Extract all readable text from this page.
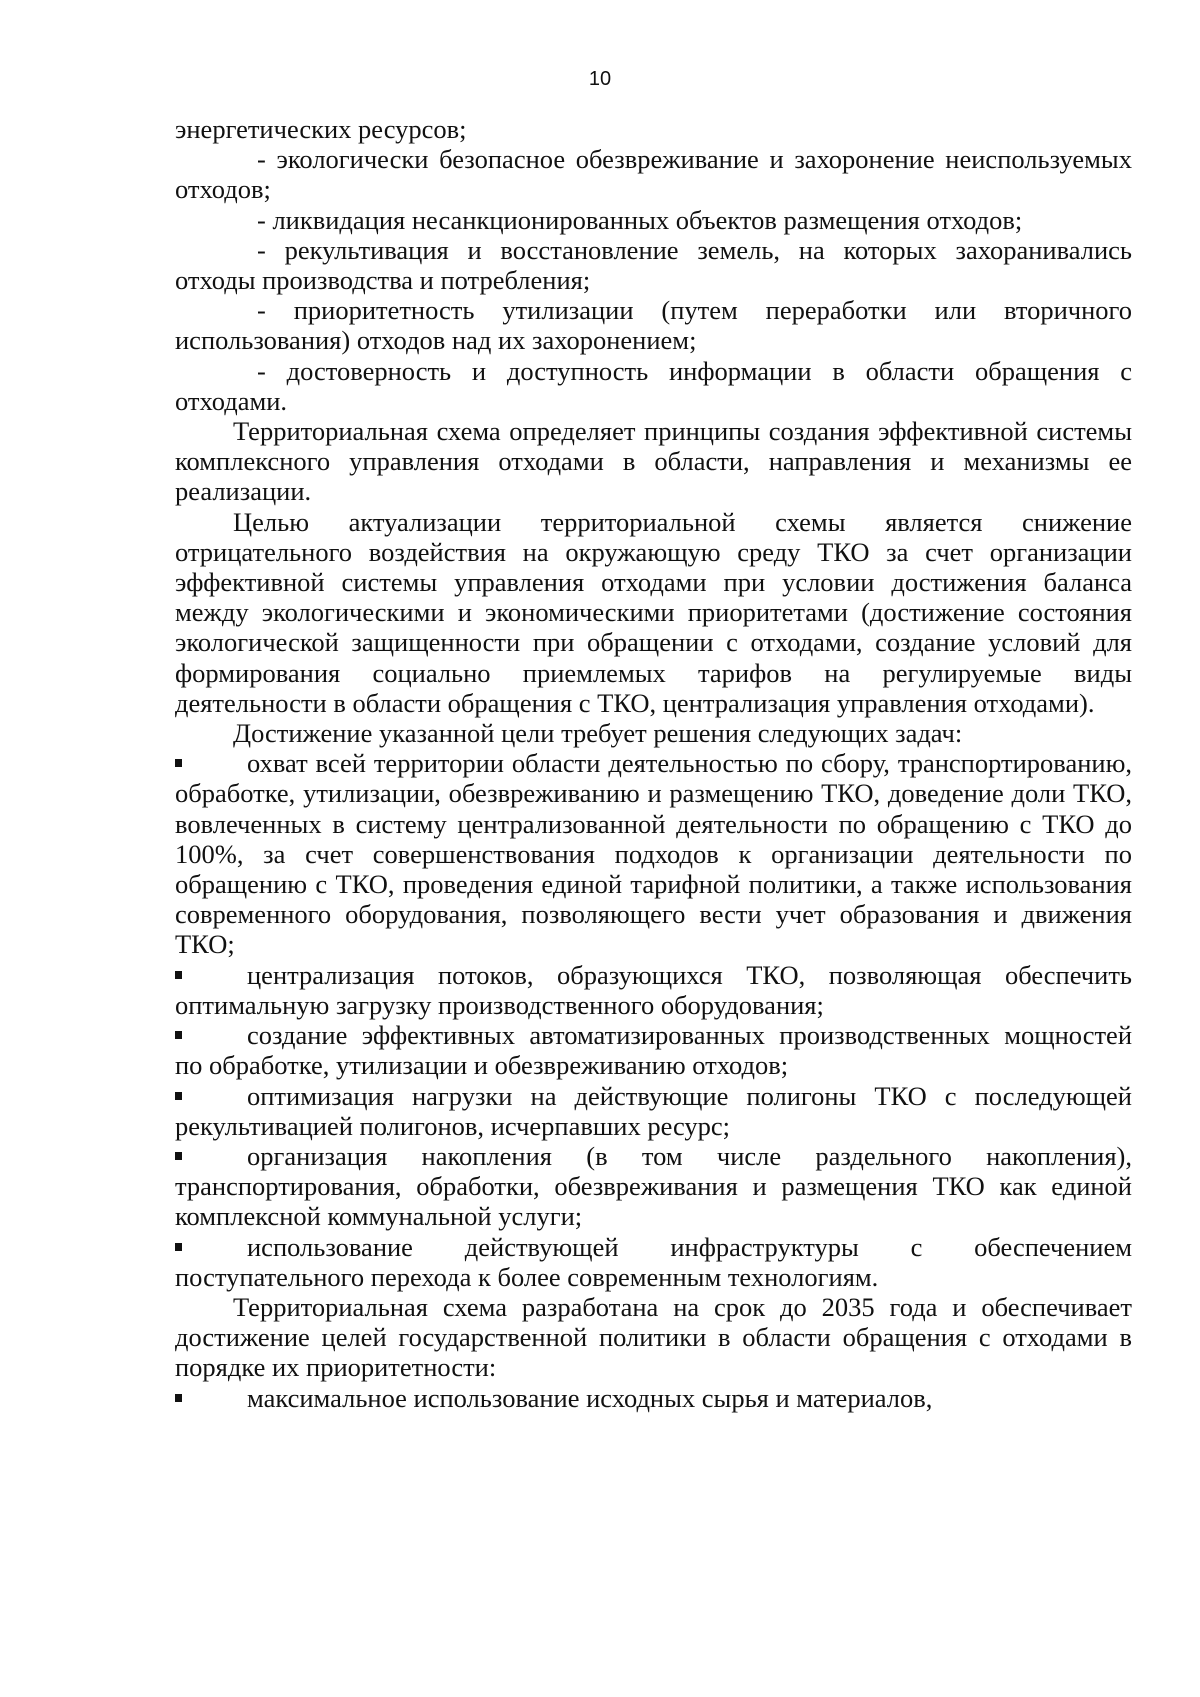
10

энергетических ресурсов;

- экологически безопасное обезвреживание и захоронение неиспользуемых отходов;

- ликвидация несанкционированных объектов размещения отходов;

- рекультивация и восстановление земель, на которых захоранивались отходы производства и потребления;

- приоритетность утилизации (путем переработки или вторичного использования) отходов над их захоронением;

- достоверность и доступность информации в области обращения с отходами.

Территориальная схема определяет принципы создания эффективной системы комплексного управления отходами в области, направления и механизмы ее реализации.

Целью актуализации территориальной схемы является снижение отрицательного воздействия на окружающую среду ТКО за счет организации эффективной системы управления отходами при условии достижения баланса между экологическими и экономическими приоритетами (достижение состояния экологической защищенности при обращении с отходами, создание условий для формирования социально приемлемых тарифов на регулируемые виды деятельности в области обращения с ТКО, централизация управления отходами).

Достижение указанной цели требует решения следующих задач:

охват всей территории области деятельностью по сбору, транспортированию, обработке, утилизации, обезвреживанию и размещению ТКО, доведение доли ТКО, вовлеченных в систему централизованной деятельности по обращению с ТКО до 100%, за счет совершенствования подходов к организации деятельности по обращению с ТКО, проведения единой тарифной политики, а также использования современного оборудования, позволяющего вести учет образования и движения ТКО;

централизация потоков, образующихся ТКО, позволяющая обеспечить оптимальную загрузку производственного оборудования;

создание эффективных автоматизированных производственных мощностей по обработке, утилизации и обезвреживанию отходов;

оптимизация нагрузки на действующие полигоны ТКО с последующей рекультивацией полигонов, исчерпавших ресурс;

организация накопления (в том числе раздельного накопления), транспортирования, обработки, обезвреживания и размещения ТКО как единой комплексной коммунальной услуги;

использование действующей инфраструктуры с обеспечением поступательного перехода к более современным технологиям.

Территориальная схема разработана на срок до 2035 года и обеспечивает достижение целей государственной политики в области обращения с отходами в порядке их приоритетности:

максимальное использование исходных сырья и материалов,
